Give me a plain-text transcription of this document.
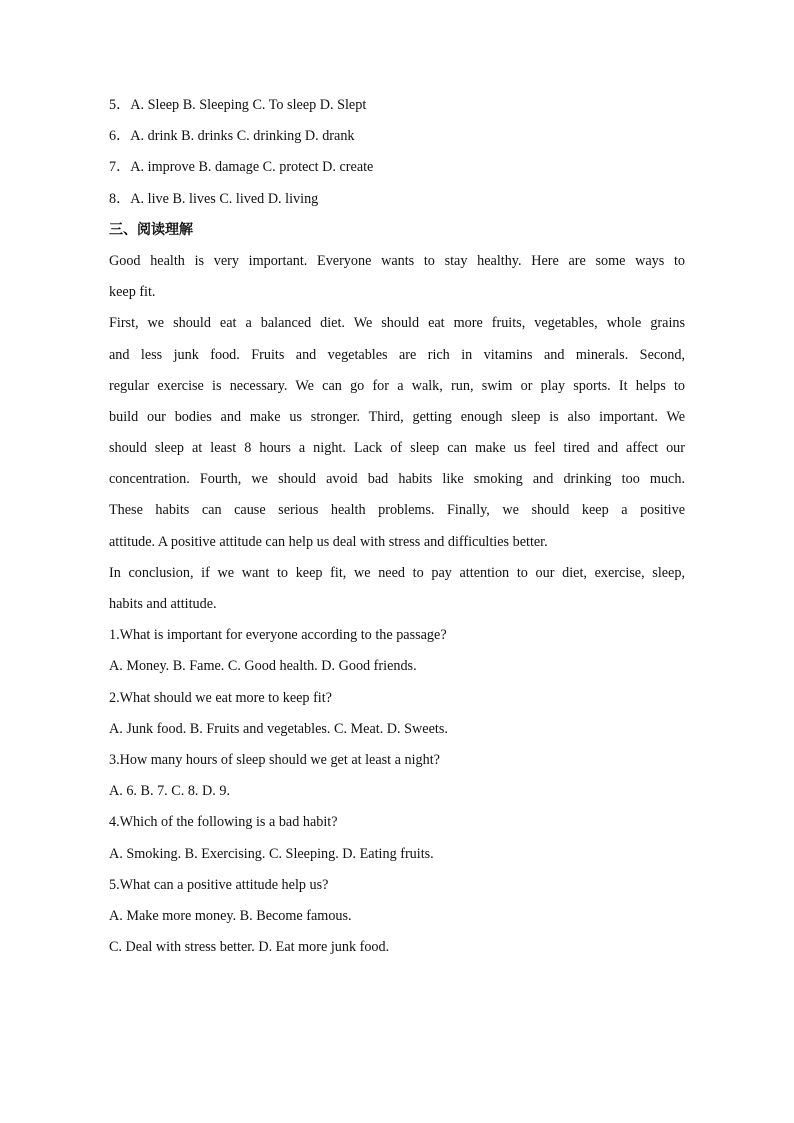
5．A. Sleep B. Sleeping C. To sleep D. Slept
6．A. drink B. drinks C. drinking D. drank
7．A. improve B. damage C. protect D. create
8．A. live B. lives C. lived D. living
三、阅读理解
Good health is very important. Everyone wants to stay healthy. Here are some ways to
keep fit.
First, we should eat a balanced diet. We should eat more fruits, vegetables, whole grains
and less junk food. Fruits and vegetables are rich in vitamins and minerals. Second,
regular exercise is necessary. We can go for a walk, run, swim or play sports. It helps to
build our bodies and make us stronger. Third, getting enough sleep is also important. We
should sleep at least 8 hours a night. Lack of sleep can make us feel tired and affect our
concentration. Fourth, we should avoid bad habits like smoking and drinking too much.
These habits can cause serious health problems. Finally, we should keep a positive
attitude. A positive attitude can help us deal with stress and difficulties better.
In conclusion, if we want to keep fit, we need to pay attention to our diet, exercise, sleep,
habits and attitude.
1.What is important for everyone according to the passage?
A. Money. B. Fame. C. Good health. D. Good friends.
2.What should we eat more to keep fit?
A. Junk food. B. Fruits and vegetables. C. Meat. D. Sweets.
3.How many hours of sleep should we get at least a night?
A. 6. B. 7. C. 8. D. 9.
4.Which of the following is a bad habit?
A. Smoking. B. Exercising. C. Sleeping. D. Eating fruits.
5.What can a positive attitude help us?
A. Make more money. B. Become famous.
C. Deal with stress better. D. Eat more junk food.
